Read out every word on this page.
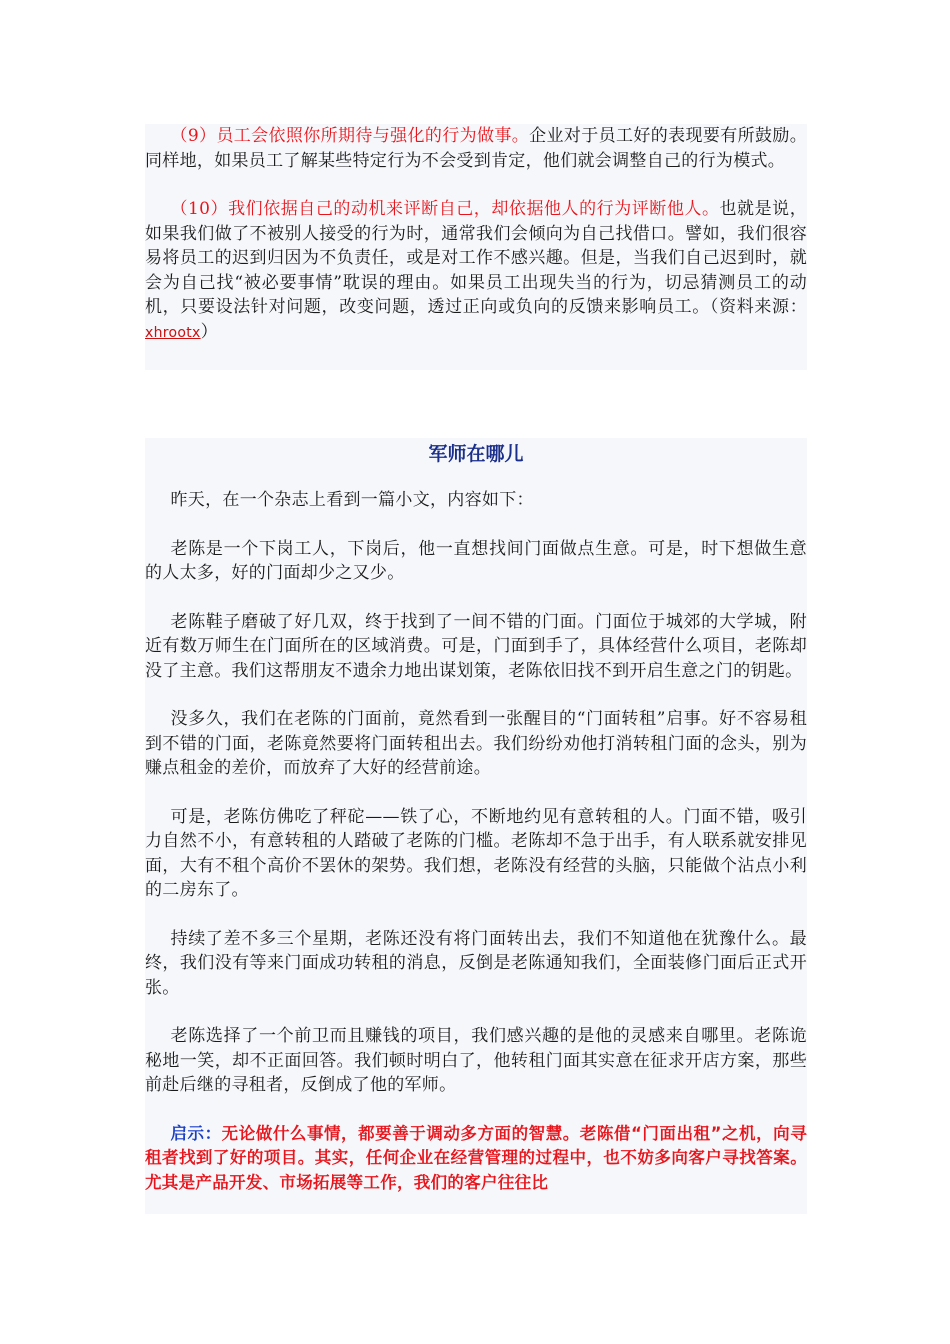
（9）员工会依照你所期待与强化的行为做事。企业对于员工好的表现要有所鼓励。同样地，如果员工了解某些特定行为不会受到肯定，他们就会调整自己的行为模式。

（10）我们依据自己的动机来评断自己，却依据他人的行为评断他人。也就是说，如果我们做了不被别人接受的行为时，通常我们会倾向为自己找借口。譬如，我们很容易将员工的迟到归因为不负责任，或是对工作不感兴趣。但是，当我们自己迟到时，就会为自己找“被必要事情”耽误的理由。如果员工出现失当的行为，切忌猜测员工的动机，只要设法针对问题，改变问题，透过正向或负向的反馈来影响员工。（资料来源：xhrootx）

军师在哪儿

昨天，在一个杂志上看到一篇小文，内容如下：

老陈是一个下岗工人，下岗后，他一直想找间门面做点生意。可是，时下想做生意的人太多，好的门面却少之又少。

老陈鞋子磨破了好几双，终于找到了一间不错的门面。门面位于城郊的大学城，附近有数万师生在门面所在的区域消费。可是，门面到手了，具体经营什么项目，老陈却没了主意。我们这帮朋友不遗余力地出谋划策，老陈依旧找不到开启生意之门的钥匙。

没多久，我们在老陈的门面前，竟然看到一张醒目的“门面转租”启事。好不容易租到不错的门面，老陈竟然要将门面转租出去。我们纷纷劝他打消转租门面的念头，别为赚点租金的差价，而放弃了大好的经营前途。

可是，老陈仿佛吃了秤砣——铁了心，不断地约见有意转租的人。门面不错，吸引力自然不小，有意转租的人踏破了老陈的门槛。老陈却不急于出手，有人联系就安排见面，大有不租个高价不罢休的架势。我们想，老陈没有经营的头脑，只能做个沾点小利的二房东了。

持续了差不多三个星期，老陈还没有将门面转出去，我们不知道他在犹豫什么。最终，我们没有等来门面成功转租的消息，反倒是老陈通知我们，全面装修门面后正式开张。

老陈选择了一个前卫而且赚钱的项目，我们感兴趣的是他的灵感来自哪里。老陈诡秘地一笑，却不正面回答。我们顿时明白了，他转租门面其实意在征求开店方案，那些前赴后继的寻租者，反倒成了他的军师。

启示：无论做什么事情，都要善于调动多方面的智慧。老陈借“门面出租”之机，向寻租者找到了好的项目。其实，任何企业在经营管理的过程中，也不妨多向客户寻找答案。尤其是产品开发、市场拓展等工作，我们的客户往往比
